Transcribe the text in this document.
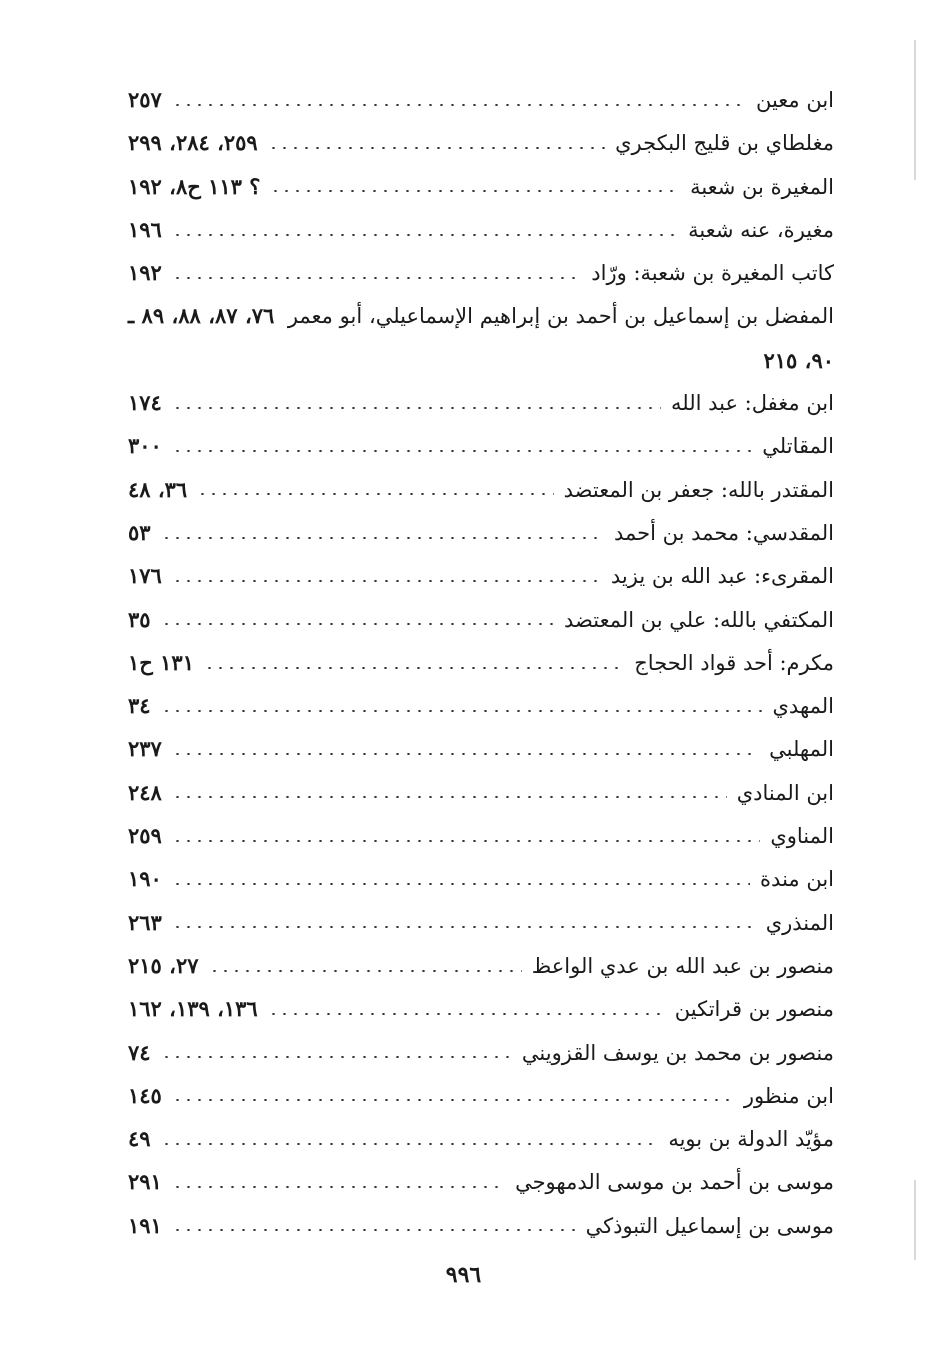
ابن معين
٢٥٧
مغلطاي بن قليج البكجري
٢٥٩، ٢٨٤، ٢٩٩
المغيرة بن شعبة
؟ ١١٣ ح٨، ١٩٢
مغيرة، عنه شعبة
١٩٦
كاتب المغيرة بن شعبة: ورّاد
١٩٢
المفضل بن إسماعيل بن أحمد بن إبراهيم الإسماعيلي، أبو معمر  ٧٦، ٨٧، ٨٨، ٨٩ ـ ٩٠، ٢١٥
ابن مغفل: عبد الله
١٧٤
المقاتلي
٣٠٠
المقتدر بالله: جعفر بن المعتضد
٣٦، ٤٨
المقدسي: محمد بن أحمد
٥٣
المقرىء: عبد الله بن يزيد
١٧٦
المكتفي بالله: علي بن المعتضد
٣٥
مكرم: أحد قواد الحجاج
١٣١ ح١
المهدي
٣٤
المهلبي
٢٣٧
ابن المنادي
٢٤٨
المناوي
٢٥٩
ابن مندة
١٩٠
المنذري
٢٦٣
منصور بن عبد الله بن عدي الواعظ
٢٧، ٢١٥
منصور بن قراتكين
١٣٦، ١٣٩، ١٦٢
منصور بن محمد بن يوسف القزويني
٧٤
ابن منظور
١٤٥
مؤيّد الدولة بن بويه
٤٩
موسى بن أحمد بن موسى الدمهوجي
٢٩١
موسى بن إسماعيل التبوذكي
١٩١
٩٩٦
